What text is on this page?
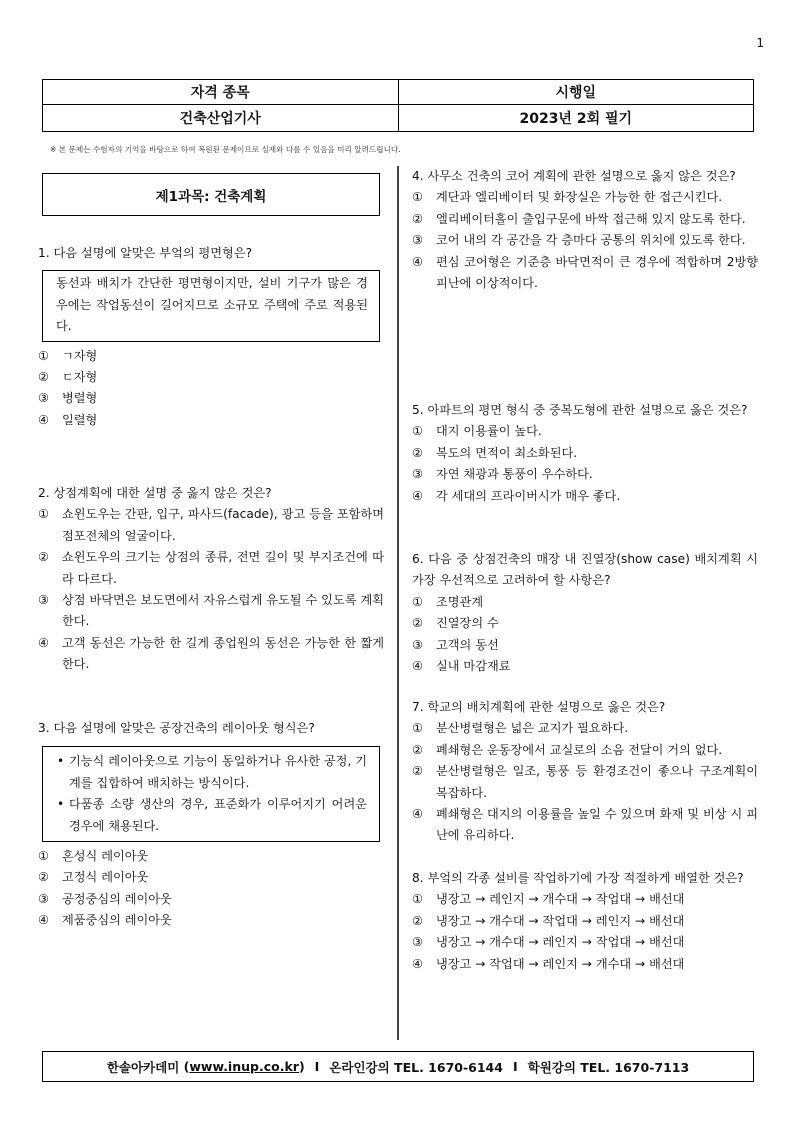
1
자격 종목	시행일
건축산업기사	2023년 2회 필기
※ 본 문제는 수험자의 기억을 바탕으로 하여 복원된 문제이므로 실제와 다를 수 있음을 미리 알려드립니다.
제1과목: 건축계획
1. 다음 설명에 알맞은 부엌의 평면형은?
동선과 배치가 간단한 평면형이지만, 설비 기구가 많은 경우에는 작업동선이 길어지므로 소규모 주택에 주로 적용된다.
①	ㄱ자형
②	ㄷ자형
③	병렬형
④	일렬형
2. 상점계획에 대한 설명 중 옳지 않은 것은?
①	쇼윈도우는 간판, 입구, 파사드(facade), 광고 등을 포함하며 점포전체의 얼굴이다.
②	쇼윈도우의 크기는 상점의 종류, 전면 길이 및 부지조건에 따라 다르다.
③	상점 바닥면은 보도면에서 자유스럽게 유도될 수 있도록 계획한다.
④	고객 동선은 가능한 한 길게 종업원의 동선은 가능한 한 짧게 한다.
3. 다음 설명에 알맞은 공장건축의 레이아웃 형식은?
• 기능식 레이아웃으로 기능이 동일하거나 유사한 공정, 기계를 집합하여 배치하는 방식이다.
• 다품종 소량 생산의 경우, 표준화가 이루어지기 어려운 경우에 채용된다.
①	혼성식 레이아웃
②	고정식 레이아웃
③	공정중심의 레이아웃
④	제품중심의 레이아웃
4. 사무소 건축의 코어 계획에 관한 설명으로 옳지 않은 것은?
①	계단과 엘리베이터 및 화장실은 가능한 한 접근시킨다.
②	엘리베이터홀이 출입구문에 바싹 접근해 있지 않도록 한다.
③	코어 내의 각 공간을 각 층마다 공통의 위치에 있도록 한다.
④	편심 코어형은 기준층 바닥면적이 큰 경우에 적합하며 2방향 피난에 이상적이다.
5. 아파트의 평면 형식 중 중복도형에 관한 설명으로 옳은 것은?
①	대지 이용률이 높다.
②	복도의 면적이 최소화된다.
③	자연 채광과 통풍이 우수하다.
④	각 세대의 프라이버시가 매우 좋다.
6. 다음 중 상점건축의 매장 내 진열장(show case) 배치계획 시 가장 우선적으로 고려하여 할 사항은?
①	조명관계
②	진열장의 수
③	고객의 동선
④	실내 마감재료
7. 학교의 배치계획에 관한 설명으로 옳은 것은?
①	분산병렬형은 넓은 교지가 필요하다.
②	폐쇄형은 운동장에서 교실로의 소음 전달이 거의 없다.
②	분산병렬형은 일조, 통풍 등 환경조건이 좋으나 구조계획이 복잡하다.
④	폐쇄형은 대지의 이용률을 높일 수 있으며 화재 및 비상 시 피난에 유리하다.
8. 부엌의 각종 설비를 작업하기에 가장 적절하게 배열한 것은?
①	냉장고 → 레인지 → 개수대 → 작업대 → 배선대
②	냉장고 → 개수대 → 작업대 → 레인지 → 배선대
③	냉장고 → 개수대 → 레인지 → 작업대 → 배선대
④	냉장고 → 작업대 → 레인지 → 개수대 → 배선대
한솔아카데미 ( www.inup.co.kr ) I 온라인강의 TEL. 1670-6144 I 학원강의 TEL. 1670-7113
